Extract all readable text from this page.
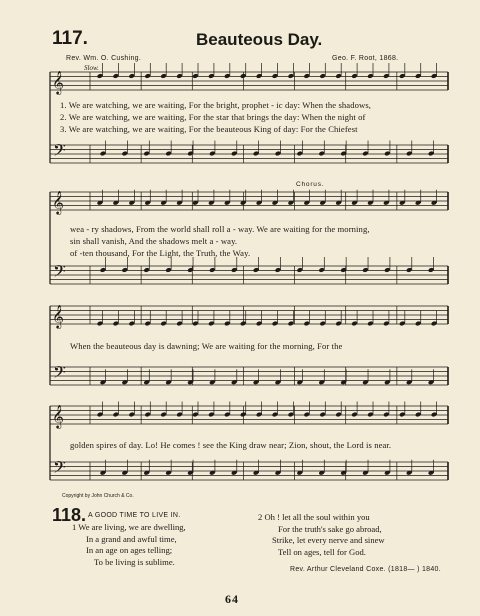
117.	Beauteous Day.
Rev. Wm. O. Cushing.	Geo. F. Root, 1868.
Slow.
𝄞
𝄢
𝄞
𝄢
𝄞
𝄢
𝄞
𝄢
1. We are watching, we are waiting, For the bright, prophet - ic day: When the shadows,
2. We are watching, we are waiting, For the star that brings the day: When the night of
3. We are watching, we are waiting, For the beauteous King of day: For the Chiefest
Chorus.
wea - ry shadows, From the world shall roll a - way. We are waiting for the morning,
sin shall vanish, And the shadows melt a - way.
of -ten thousand, For the Light, the Truth, the Way.
When the beauteous day is dawning; We are waiting for the morning, For the
golden spires of day. Lo! He comes ! see the King draw near; Zion, shout, the Lord is near.
Copyright by John Church & Co.
118. A GOOD TIME TO LIVE IN.
1 We are living, we are dwelling,
In a grand and awful time,
In an age on ages telling;
To be living is sublime.
2 Oh ! let all the soul within you
For the truth's sake go abroad,
Strike, let every nerve and sinew
Tell on ages, tell for God.
Rev. Arthur Cleveland Coxe. (1818— ) 1840.
64
